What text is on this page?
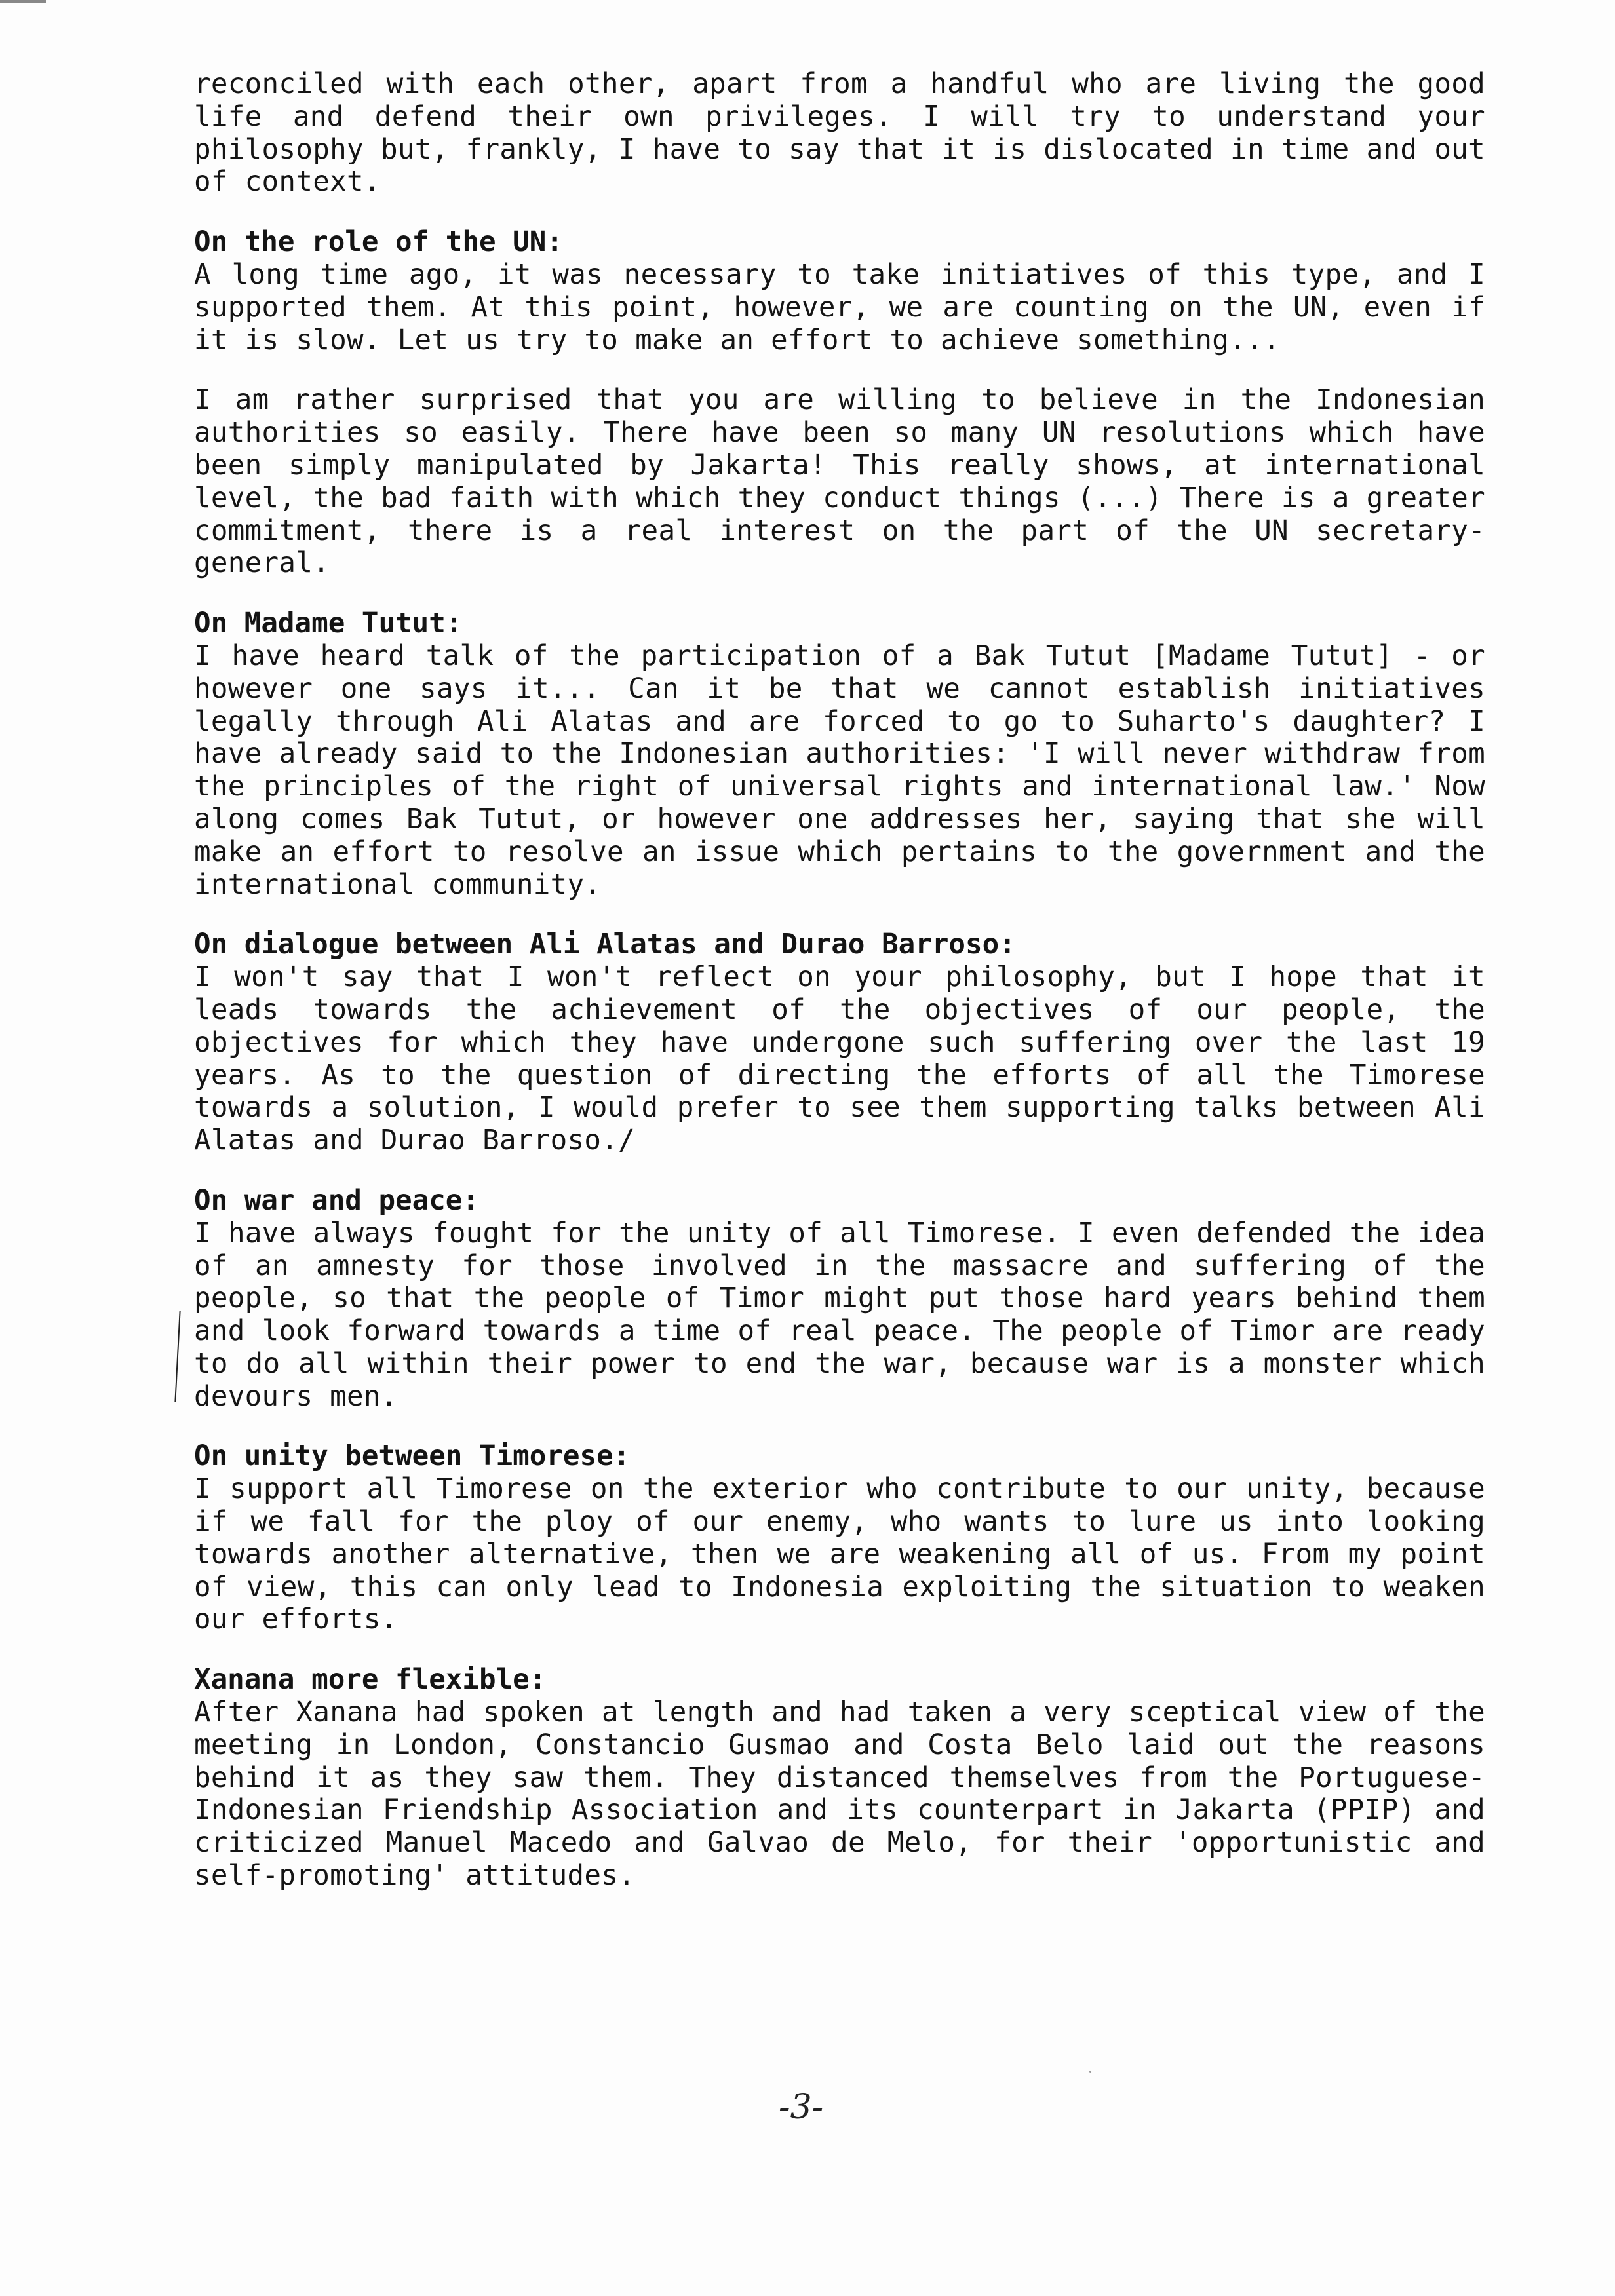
reconciled with each other, apart from a handful who are living the good life and defend their own privileges. I will try to understand your philosophy but, frankly, I have to say that it is dislocated in time and out of context.

On the role of the UN:

A long time ago, it was necessary to take initiatives of this type, and I supported them. At this point, however, we are counting on the UN, even if it is slow. Let us try to make an effort to achieve something...

I am rather surprised that you are willing to believe in the Indonesian authorities so easily. There have been so many UN resolutions which have been simply manipulated by Jakarta! This really shows, at international level, the bad faith with which they conduct things (...) There is a greater commitment, there is a real interest on the part of the UN secretary-general.

On Madame Tutut:

I have heard talk of the participation of a Bak Tutut [Madame Tutut] - or however one says it... Can it be that we cannot establish initiatives legally through Ali Alatas and are forced to go to Suharto's daughter? I have already said to the Indonesian authorities: 'I will never withdraw from the principles of the right of universal rights and international law.' Now along comes Bak Tutut, or however one addresses her, saying that she will make an effort to resolve an issue which pertains to the government and the international community.

On dialogue between Ali Alatas and Durao Barroso:

I won't say that I won't reflect on your philosophy, but I hope that it leads towards the achievement of the objectives of our people, the objectives for which they have undergone such suffering over the last 19 years. As to the question of directing the efforts of all the Timorese towards a solution, I would prefer to see them supporting talks between Ali Alatas and Durao Barroso./

On war and peace:

I have always fought for the unity of all Timorese. I even defended the idea of an amnesty for those involved in the massacre and suffering of the people, so that the people of Timor might put those hard years behind them and look forward towards a time of real peace. The people of Timor are ready to do all within their power to end the war, because war is a monster which devours men.

On unity between Timorese:

I support all Timorese on the exterior who contribute to our unity, because if we fall for the ploy of our enemy, who wants to lure us into looking towards another alternative, then we are weakening all of us. From my point of view, this can only lead to Indonesia exploiting the situation to weaken our efforts.

Xanana more flexible:

After Xanana had spoken at length and had taken a very sceptical view of the meeting in London, Constancio Gusmao and Costa Belo laid out the reasons behind it as they saw them. They distanced themselves from the Portuguese-Indonesian Friendship Association and its counterpart in Jakarta (PPIP) and criticized Manuel Macedo and Galvao de Melo, for their 'opportunistic and self-promoting' attitudes.

-3-
